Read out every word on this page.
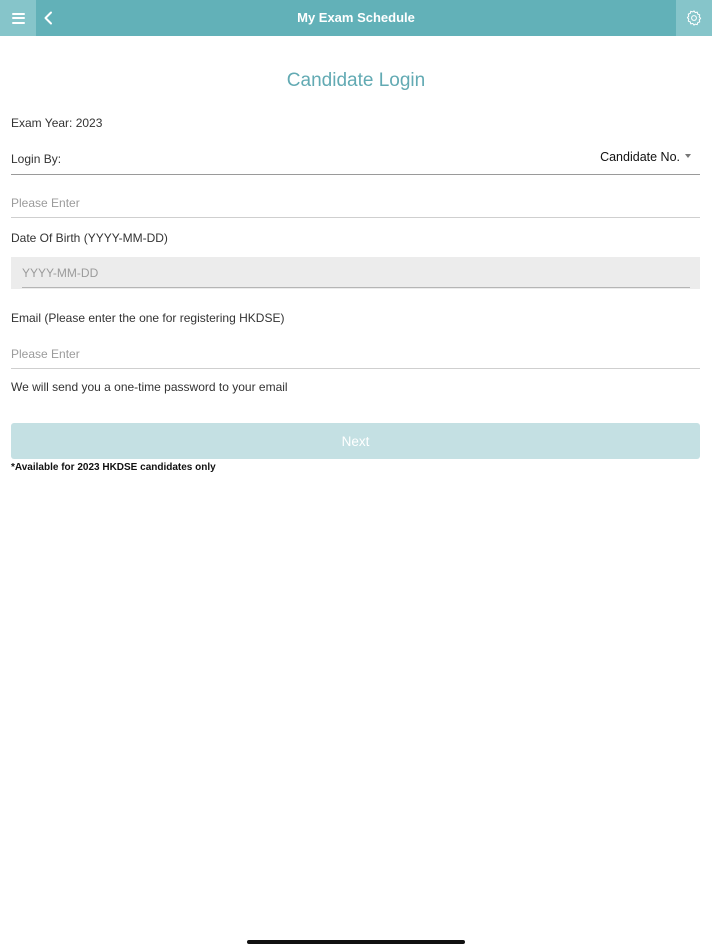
My Exam Schedule
Candidate Login
Exam Year: 2023
Login By:	Candidate No.
Please Enter
Date Of Birth (YYYY-MM-DD)
YYYY-MM-DD
Email (Please enter the one for registering HKDSE)
Please Enter
We will send you a one-time password to your email
Next
*Available for 2023 HKDSE candidates only
